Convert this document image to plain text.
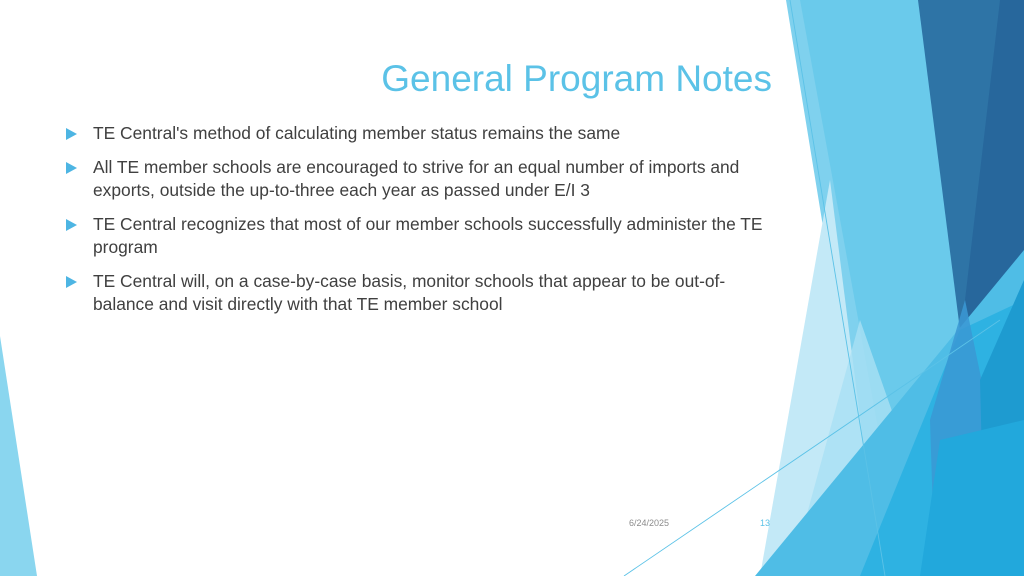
General Program Notes
TE Central's method of calculating member status remains the same
All TE member schools are encouraged to strive for an equal number of imports and exports, outside the up-to-three each year as passed under E/I 3
TE Central recognizes that most of our member schools successfully administer the TE program
TE Central will, on a case-by-case basis, monitor schools that appear to be out-of-balance and visit directly with that TE member school
6/24/2025	13
